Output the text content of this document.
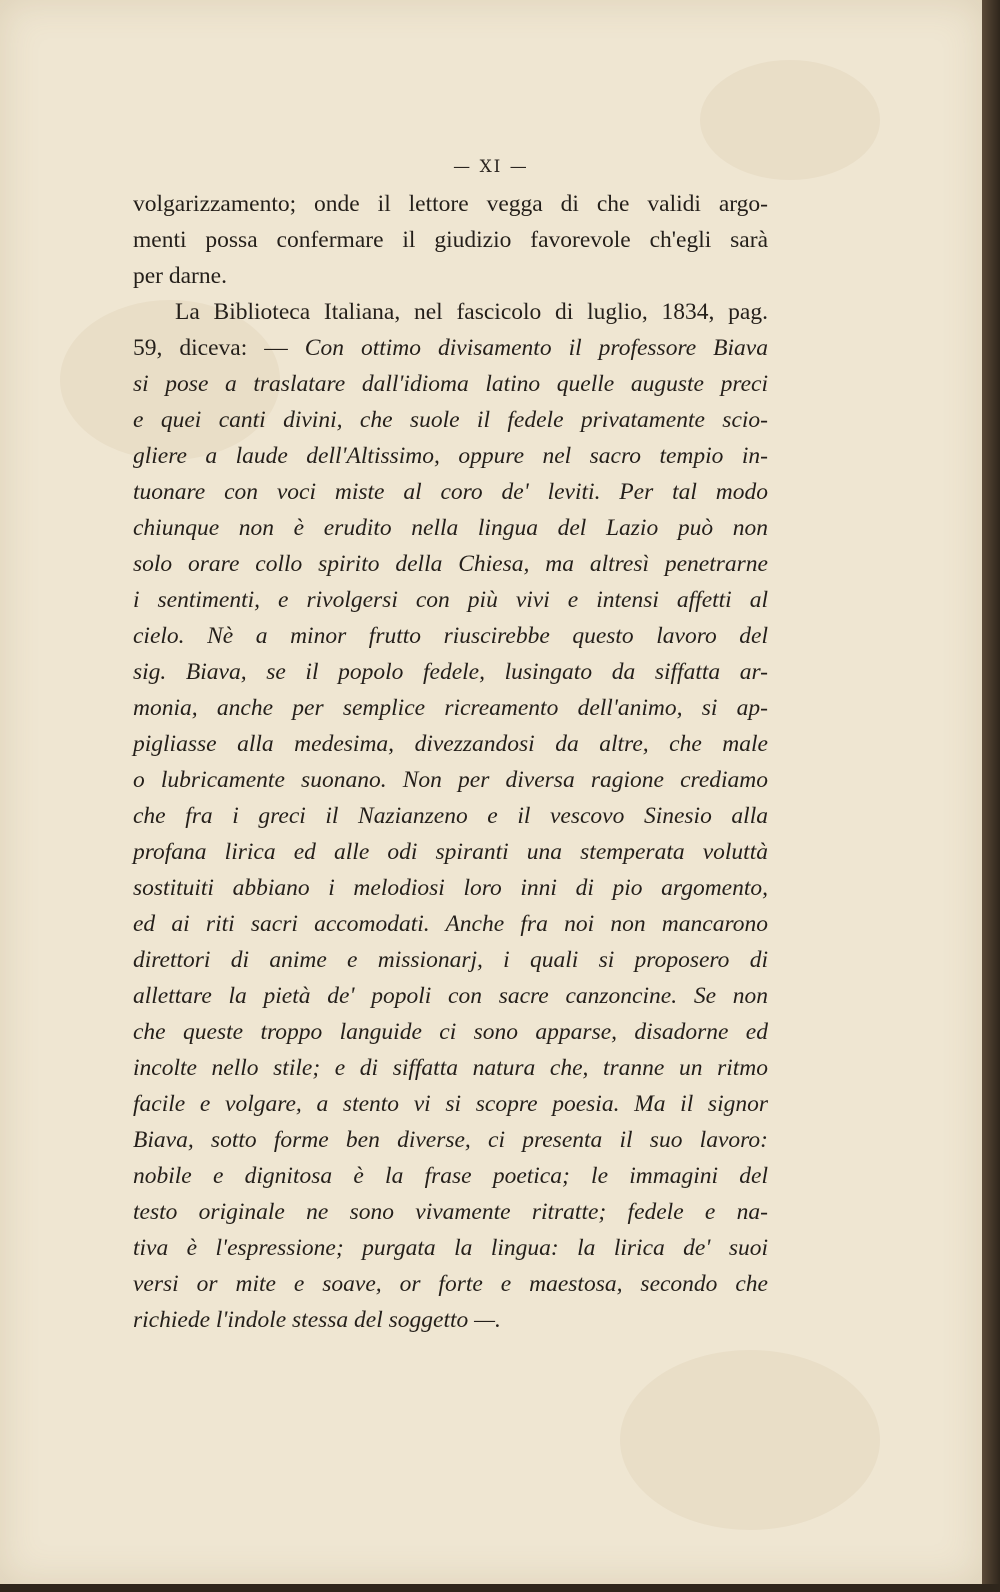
— XI —
volgarizzamento; onde il lettore vegga di che validi argo-
menti possa confermare il giudizio favorevole ch'egli sarà
per darne.
La Biblioteca Italiana, nel fascicolo di luglio, 1834, pag.
59, diceva: — Con ottimo divisamento il professore Biava
si pose a traslatare dall'idioma latino quelle auguste preci
e quei canti divini, che suole il fedele privatamente scio-
gliere a laude dell'Altissimo, oppure nel sacro tempio in-
tuonare con voci miste al coro de' leviti. Per tal modo
chiunque non è erudito nella lingua del Lazio può non
solo orare collo spirito della Chiesa, ma altresì penetrarne
i sentimenti, e rivolgersi con più vivi e intensi affetti al
cielo. Nè a minor frutto riuscirebbe questo lavoro del
sig. Biava, se il popolo fedele, lusingato da siffatta ar-
monia, anche per semplice ricreamento dell'animo, si ap-
pigliasse alla medesima, divezzandosi da altre, che male
o lubricamente suonano. Non per diversa ragione crediamo
che fra i greci il Nazianzeno e il vescovo Sinesio alla
profana lirica ed alle odi spiranti una stemperata voluttà
sostituiti abbiano i melodiosi loro inni di pio argomento,
ed ai riti sacri accomodati. Anche fra noi non mancarono
direttori di anime e missionarj, i quali si proposero di
allettare la pietà de' popoli con sacre canzoncine. Se non
che queste troppo languide ci sono apparse, disadorne ed
incolte nello stile; e di siffatta natura che, tranne un ritmo
facile e volgare, a stento vi si scopre poesia. Ma il signor
Biava, sotto forme ben diverse, ci presenta il suo lavoro:
nobile e dignitosa è la frase poetica; le immagini del
testo originale ne sono vivamente ritratte; fedele e na-
tiva è l'espressione; purgata la lingua: la lirica de' suoi
versi or mite e soave, or forte e maestosa, secondo che
richiede l'indole stessa del soggetto —.
